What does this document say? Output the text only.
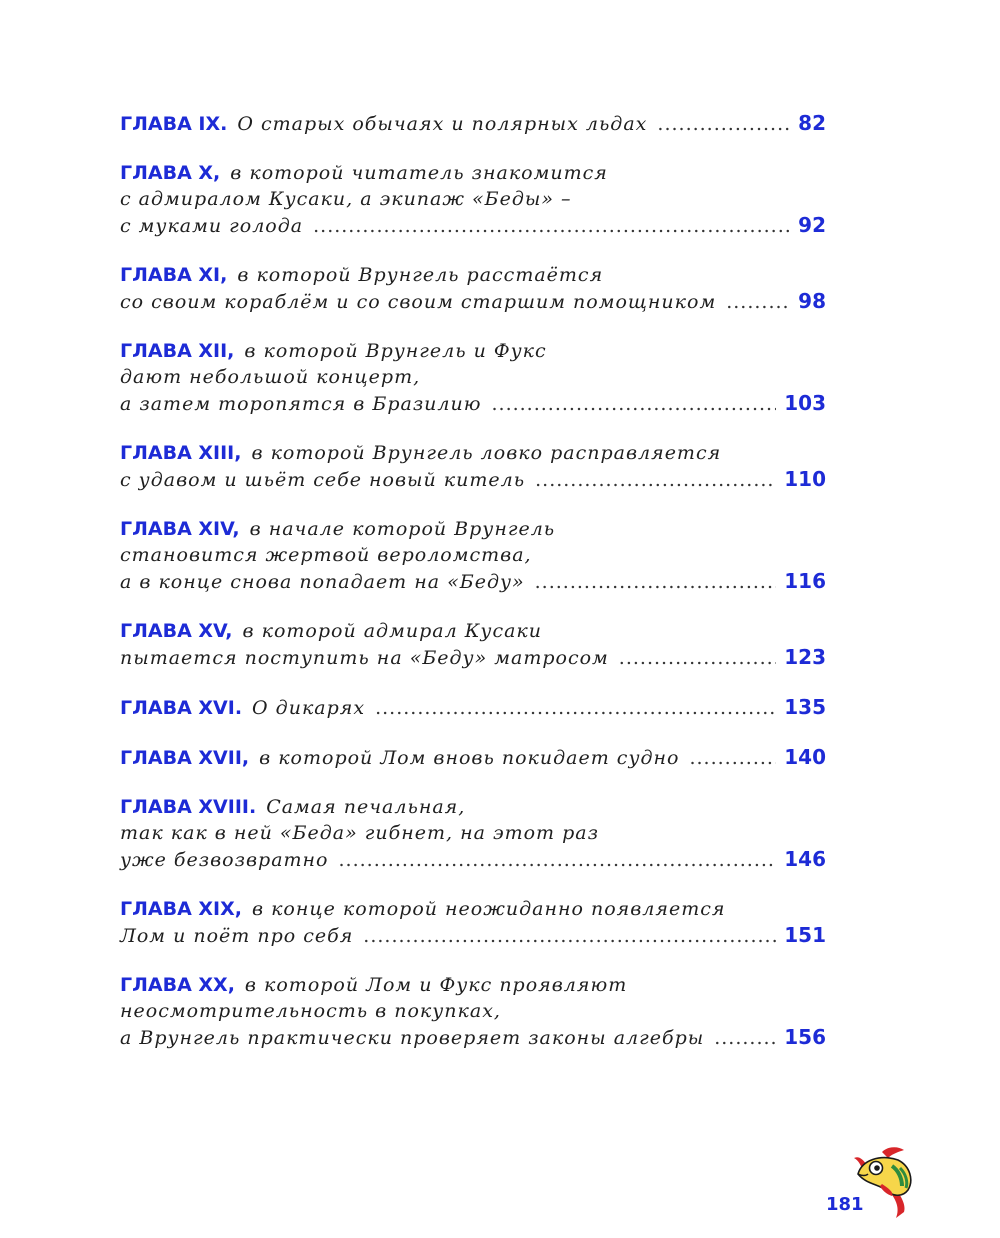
ГЛАВА IX. О старых обычаях и полярных льдах .....	82
ГЛАВА X, в которой читатель знакомится
с адмиралом Кусаки, а экипаж «Беды» –
с муками голода .....	92
ГЛАВА XI, в которой Врунгель расстаётся
со своим кораблём и со своим старшим помощником .....	98
ГЛАВА XII, в которой Врунгель и Фукс
дают небольшой концерт,
а затем торопятся в Бразилию .....	103
ГЛАВА XIII, в которой Врунгель ловко расправляется
с удавом и шьёт себе новый китель .....	110
ГЛАВА XIV, в начале которой Врунгель
становится жертвой вероломства,
а в конце снова попадает на «Беду» .....	116
ГЛАВА XV, в которой адмирал Кусаки
пытается поступить на «Беду» матросом .....	123
ГЛАВА XVI. О дикарях .....	135
ГЛАВА XVII, в которой Лом вновь покидает судно .....	140
ГЛАВА XVIII. Самая печальная,
так как в ней «Беда» гибнет, на этот раз
уже безвозвратно .....	146
ГЛАВА XIX, в конце которой неожиданно появляется
Лом и поёт про себя .....	151
ГЛАВА XX, в которой Лом и Фукс проявляют
неосмотрительность в покупках,
а Врунгель практически проверяет законы алгебры .....	156
181
